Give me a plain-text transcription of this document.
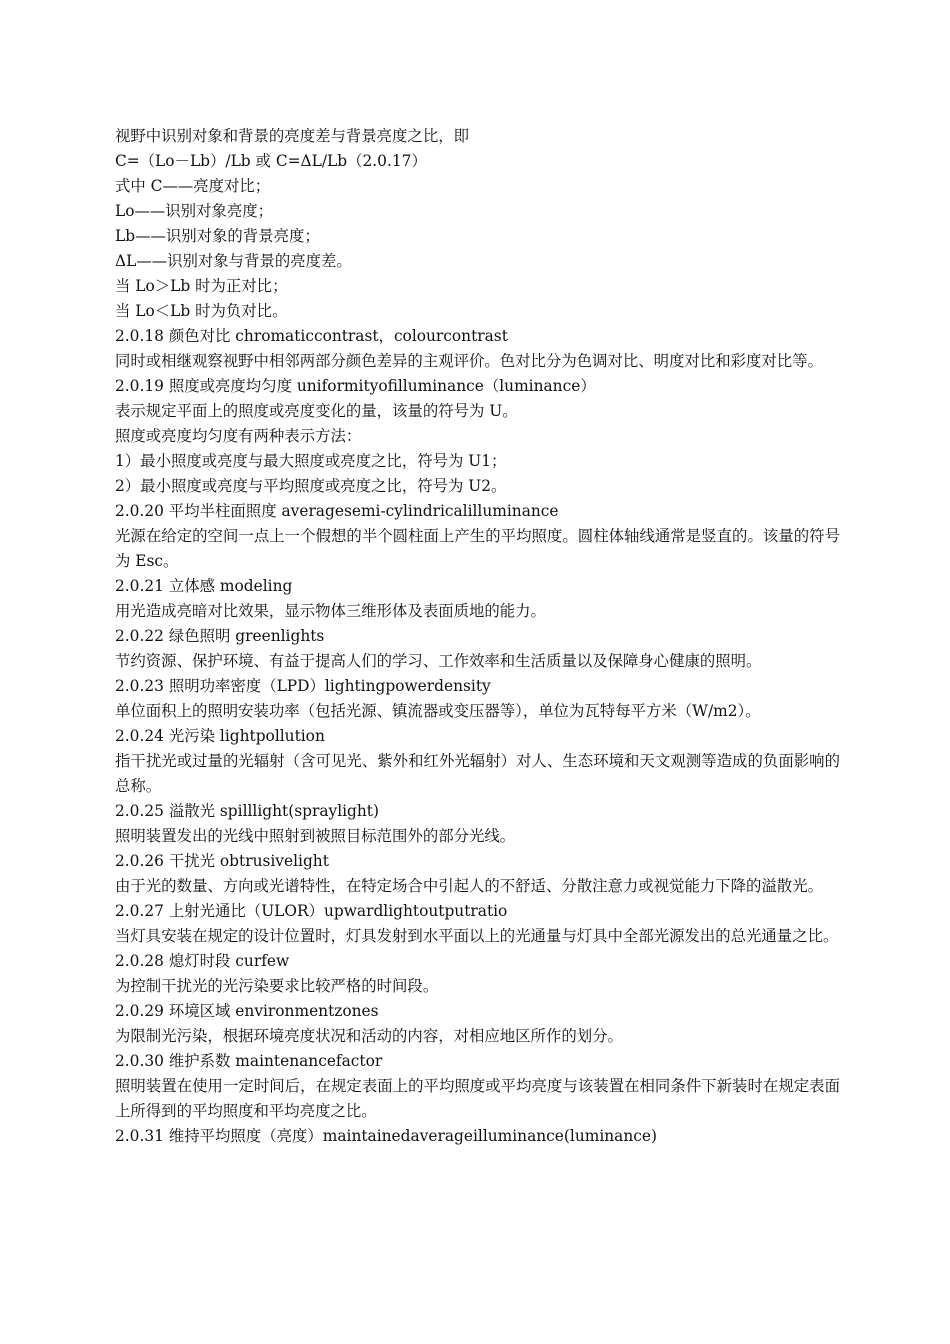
视野中识别对象和背景的亮度差与背景亮度之比，即
C=（Lo－Lb）/Lb 或 C=ΔL/Lb（2.0.17）
式中 C——亮度对比；
Lo——识别对象亮度；
Lb——识别对象的背景亮度；
ΔL——识别对象与背景的亮度差。
当 Lo＞Lb 时为正对比；
当 Lo＜Lb 时为负对比。
2.0.18 颜色对比 chromaticcontrast，colourcontrast
同时或相继观察视野中相邻两部分颜色差异的主观评价。色对比分为色调对比、明度对比和彩度对比等。
2.0.19 照度或亮度均匀度 uniformityofilluminance（luminance）
表示规定平面上的照度或亮度变化的量，该量的符号为 U。
照度或亮度均匀度有两种表示方法：
1）最小照度或亮度与最大照度或亮度之比，符号为 U1；
2）最小照度或亮度与平均照度或亮度之比，符号为 U2。
2.0.20 平均半柱面照度 averagesemi-cylindricalilluminance
光源在给定的空间一点上一个假想的半个圆柱面上产生的平均照度。圆柱体轴线通常是竖直的。该量的符号为 Esc。
2.0.21 立体感 modeling
用光造成亮暗对比效果，显示物体三维形体及表面质地的能力。
2.0.22 绿色照明 greenlights
节约资源、保护环境、有益于提高人们的学习、工作效率和生活质量以及保障身心健康的照明。
2.0.23 照明功率密度（LPD）lightingpowerdensity
单位面积上的照明安装功率（包括光源、镇流器或变压器等），单位为瓦特每平方米（W/m2）。
2.0.24 光污染 lightpollution
指干扰光或过量的光辐射（含可见光、紫外和红外光辐射）对人、生态环境和天文观测等造成的负面影响的总称。
2.0.25 溢散光 spilllight(spraylight)
照明装置发出的光线中照射到被照目标范围外的部分光线。
2.0.26 干扰光 obtrusivelight
由于光的数量、方向或光谱特性，在特定场合中引起人的不舒适、分散注意力或视觉能力下降的溢散光。
2.0.27 上射光通比（ULOR）upwardlightoutputratio
当灯具安装在规定的设计位置时，灯具发射到水平面以上的光通量与灯具中全部光源发出的总光通量之比。
2.0.28 熄灯时段 curfew
为控制干扰光的光污染要求比较严格的时间段。
2.0.29 环境区域 environmentzones
为限制光污染，根据环境亮度状况和活动的内容，对相应地区所作的划分。
2.0.30 维护系数 maintenancefactor
照明装置在使用一定时间后，在规定表面上的平均照度或平均亮度与该装置在相同条件下新装时在规定表面上所得到的平均照度和平均亮度之比。
2.0.31 维持平均照度（亮度）maintainedaverageilluminance(luminance)
